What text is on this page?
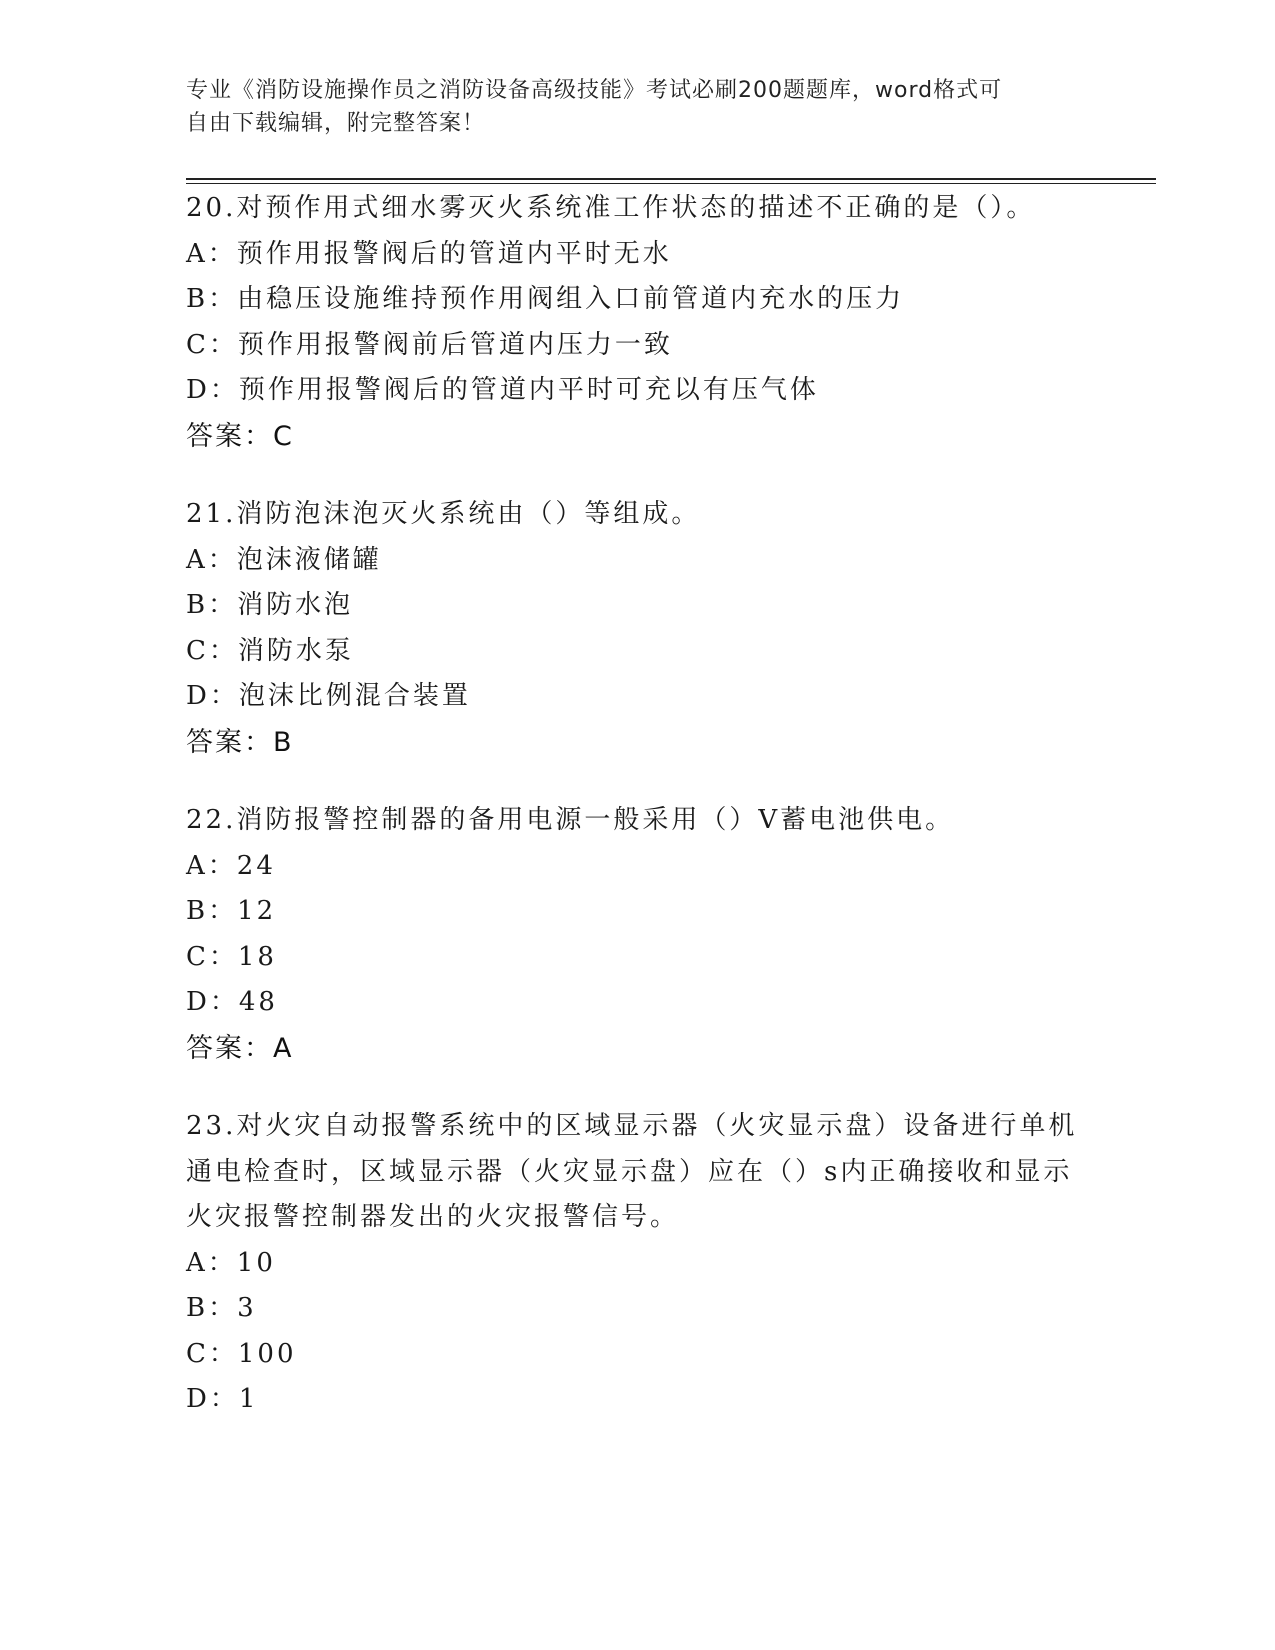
专业《消防设施操作员之消防设备高级技能》考试必刷200题题库，word格式可
自由下载编辑，附完整答案！
20.对预作用式细水雾灭火系统准工作状态的描述不正确的是（）。
A：预作用报警阀后的管道内平时无水
B：由稳压设施维持预作用阀组入口前管道内充水的压力
C：预作用报警阀前后管道内压力一致
D：预作用报警阀后的管道内平时可充以有压气体
答案：C
21.消防泡沫泡灭火系统由（）等组成。
A：泡沫液储罐
B：消防水泡
C：消防水泵
D：泡沫比例混合装置
答案：B
22.消防报警控制器的备用电源一般采用（）V蓄电池供电。
A：24
B：12
C：18
D：48
答案：A
23.对火灾自动报警系统中的区域显示器（火灾显示盘）设备进行单机
通电检查时，区域显示器（火灾显示盘）应在（）s内正确接收和显示
火灾报警控制器发出的火灾报警信号。
A：10
B：3
C：100
D：1
